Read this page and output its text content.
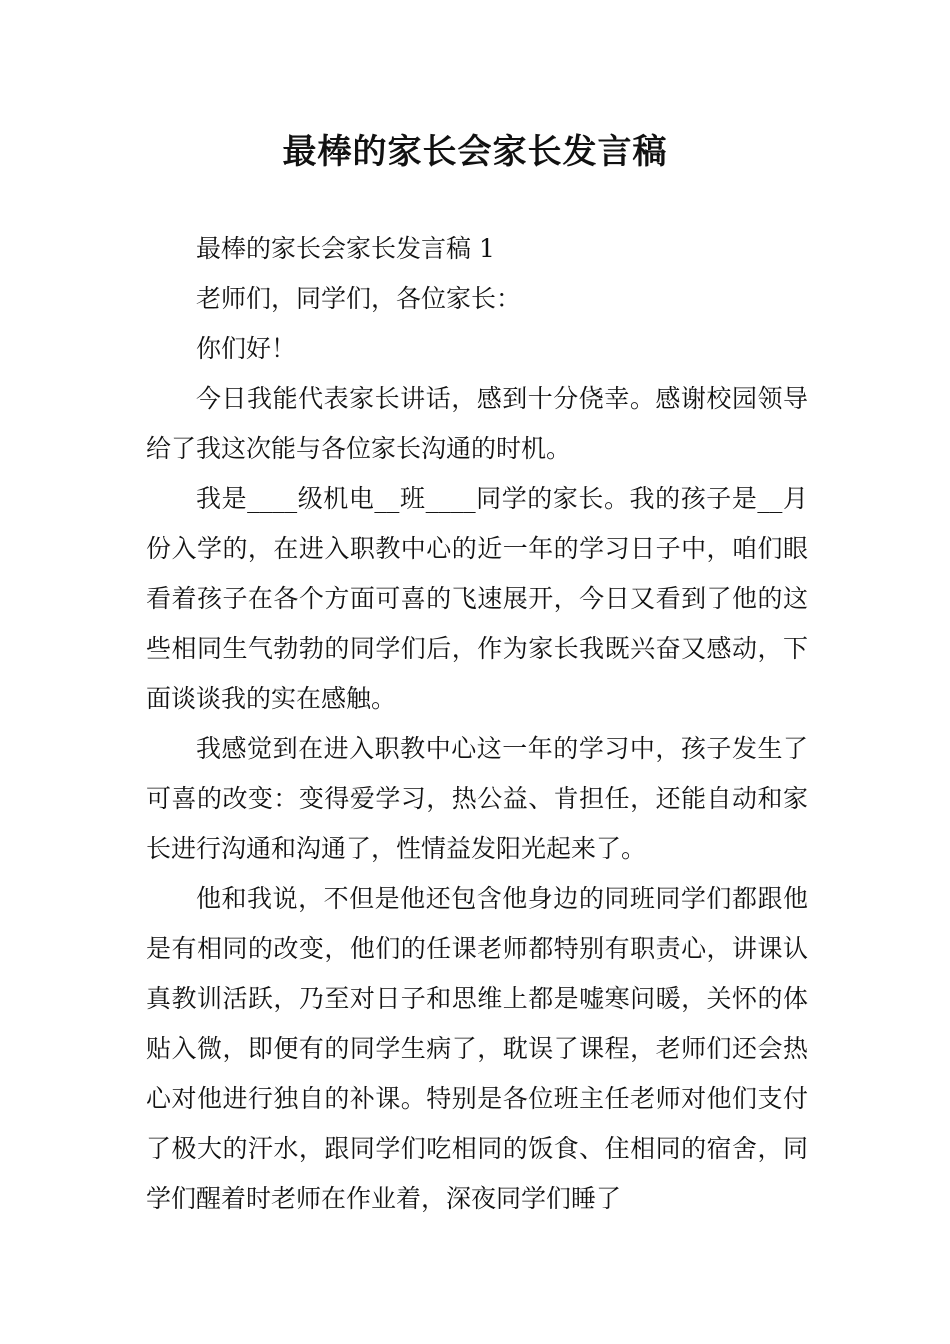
最棒的家长会家长发言稿

最棒的家长会家长发言稿 1

老师们，同学们，各位家长：

你们好！

今日我能代表家长讲话，感到十分侥幸。感谢校园领导给了我这次能与各位家长沟通的时机。

我是____级机电__班____同学的家长。我的孩子是__月份入学的，在进入职教中心的近一年的学习日子中，咱们眼看着孩子在各个方面可喜的飞速展开，今日又看到了他的这些相同生气勃勃的同学们后，作为家长我既兴奋又感动，下面谈谈我的实在感触。

我感觉到在进入职教中心这一年的学习中，孩子发生了可喜的改变：变得爱学习，热公益、肯担任，还能自动和家长进行沟通和沟通了，性情益发阳光起来了。

他和我说，不但是他还包含他身边的同班同学们都跟他是有相同的改变，他们的任课老师都特别有职责心，讲课认真教训活跃，乃至对日子和思维上都是嘘寒问暖，关怀的体贴入微，即便有的同学生病了，耽误了课程，老师们还会热心对他进行独自的补课。特别是各位班主任老师对他们支付了极大的汗水，跟同学们吃相同的饭食、住相同的宿舍，同学们醒着时老师在作业着，深夜同学们睡了
